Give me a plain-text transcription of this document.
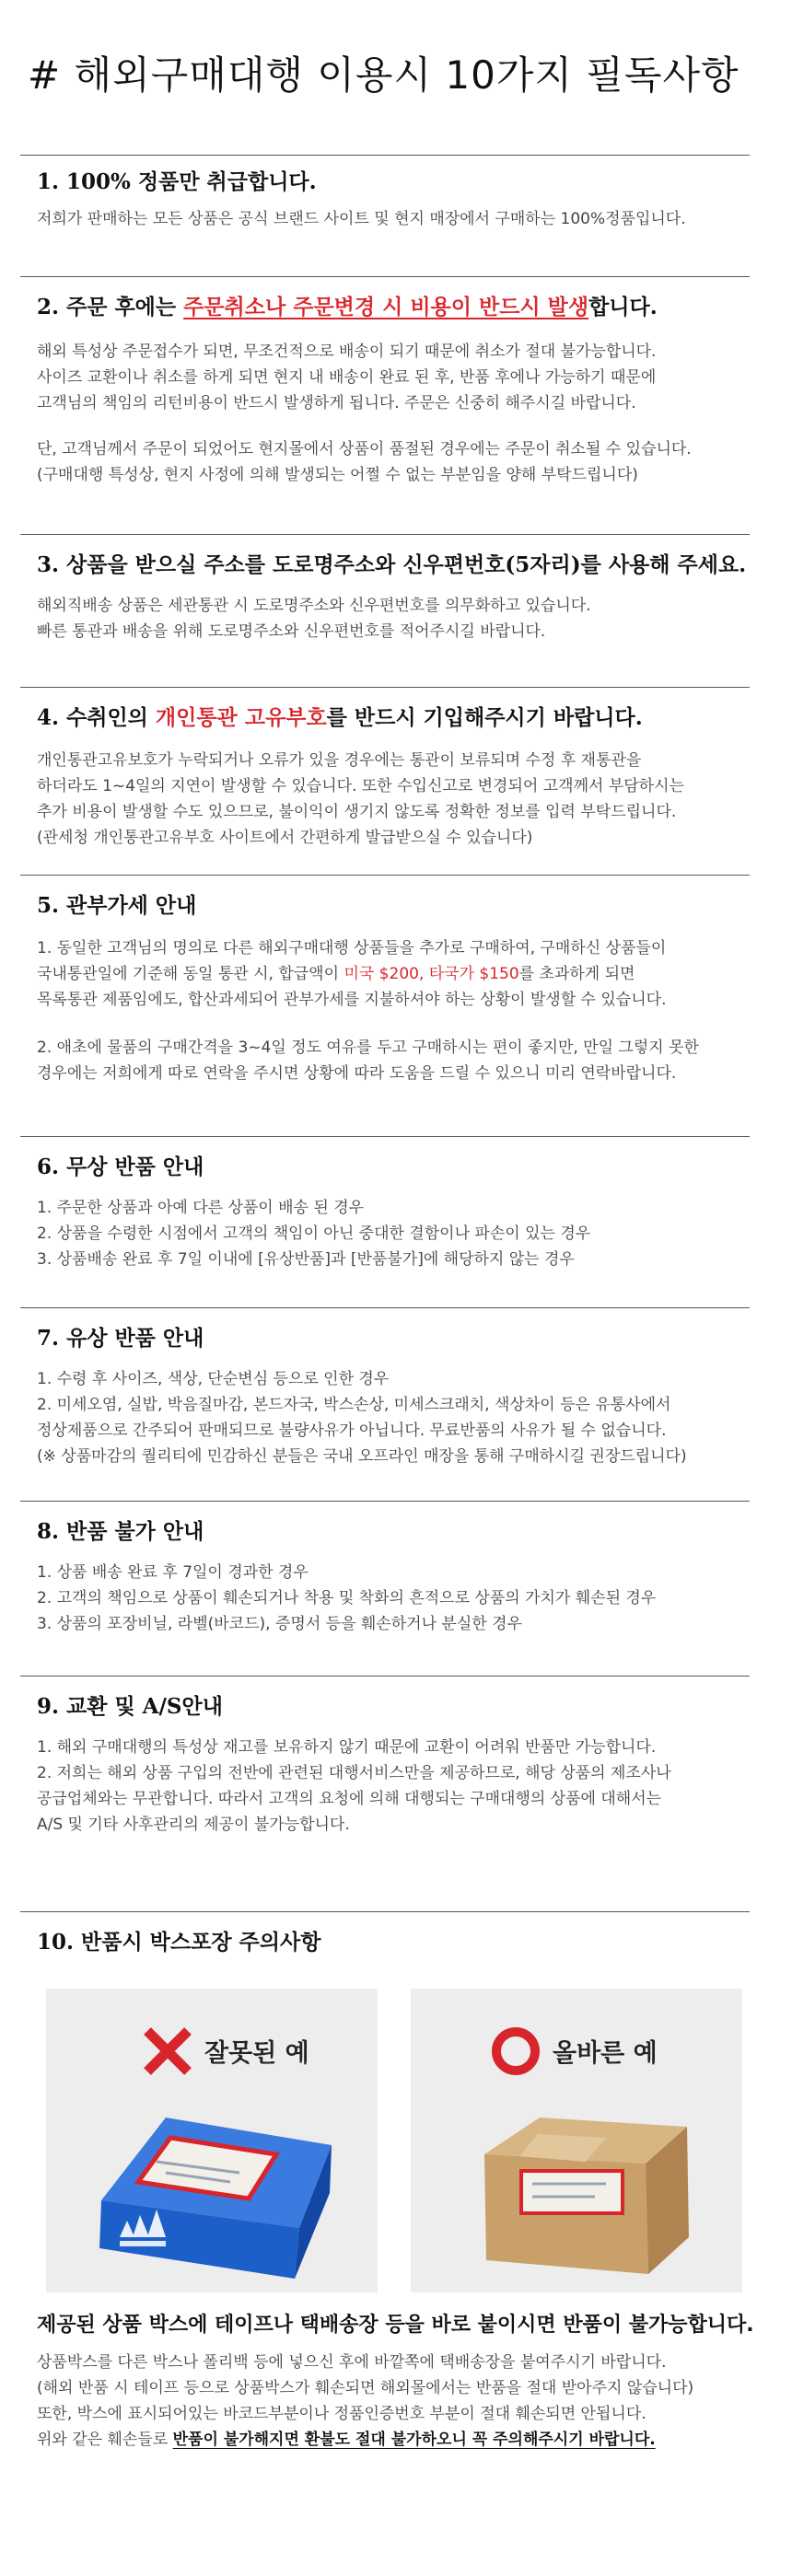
# 해외구매대행 이용시 10가지 필독사항
1. 100% 정품만 취급합니다.

저희가 판매하는 모든 상품은 공식 브랜드 사이트 및 현지 매장에서 구매하는 100%정품입니다.

2. 주문 후에는 주문취소나 주문변경 시 비용이 반드시 발생합니다.

해외 특성상 주문접수가 되면, 무조건적으로 배송이 되기 때문에 취소가 절대 불가능합니다.

사이즈 교환이나 취소를 하게 되면 현지 내 배송이 완료 된 후, 반품 후에나 가능하기 때문에

고객님의 책임의 리턴비용이 반드시 발생하게 됩니다. 주문은 신중히 해주시길 바랍니다.

단, 고객님께서 주문이 되었어도 현지몰에서 상품이 품절된 경우에는 주문이 취소될 수 있습니다.

(구매대행 특성상, 현지 사정에 의해 발생되는 어쩔 수 없는 부분임을 양해 부탁드립니다)

3. 상품을 받으실 주소를 도로명주소와 신우편번호(5자리)를 사용해 주세요.

해외직배송 상품은 세관통관 시 도로명주소와 신우편번호를 의무화하고 있습니다.

빠른 통관과 배송을 위해 도로명주소와 신우편번호를 적어주시길 바랍니다.

4. 수취인의 개인통관 고유부호를 반드시 기입해주시기 바랍니다.

개인통관고유보호가 누락되거나 오류가 있을 경우에는 통관이 보류되며 수정 후 재통관을

하더라도 1~4일의 지연이 발생할 수 있습니다. 또한 수입신고로 변경되어 고객께서 부담하시는

추가 비용이 발생할 수도 있으므로, 불이익이 생기지 않도록 정확한 정보를 입력 부탁드립니다.

(관세청 개인통관고유부호 사이트에서 간편하게 발급받으실 수 있습니다)

5. 관부가세 안내

1. 동일한 고객님의 명의로 다른 해외구매대행 상품들을 추가로 구매하여, 구매하신 상품들이

국내통관일에 기준해 동일 통관 시, 합급액이 미국 $200, 타국가 $150를 초과하게 되면

목록통관 제품임에도, 합산과세되어 관부가세를 지불하셔야 하는 상황이 발생할 수 있습니다.

2. 애초에 물품의 구매간격을 3~4일 정도 여유를 두고 구매하시는 편이 좋지만, 만일 그렇지 못한

경우에는 저희에게 따로 연락을 주시면 상황에 따라 도움을 드릴 수 있으니 미리 연락바랍니다.

6. 무상 반품 안내

1. 주문한 상품과 아예 다른 상품이 배송 된 경우

2. 상품을 수령한 시점에서 고객의 책임이 아닌 중대한 결함이나 파손이 있는 경우

3. 상품배송 완료 후 7일 이내에 [유상반품]과 [반품불가]에 해당하지 않는 경우

7. 유상 반품 안내

1. 수령 후 사이즈, 색상, 단순변심 등으로 인한 경우

2. 미세오염, 실밥, 박음질마감, 본드자국, 박스손상, 미세스크래치, 색상차이 등은 유통사에서

정상제품으로 간주되어 판매되므로 불량사유가 아닙니다. 무료반품의 사유가 될 수 없습니다.

(※ 상품마감의 퀄리티에 민감하신 분들은 국내 오프라인 매장을 통해 구매하시길 권장드립니다)

8. 반품 불가 안내

1. 상품 배송 완료 후 7일이 경과한 경우

2. 고객의 책임으로 상품이 훼손되거나 착용 및 착화의 흔적으로 상품의 가치가 훼손된 경우

3. 상품의 포장비닐, 라벨(바코드), 증명서 등을 훼손하거나 분실한 경우

9. 교환 및 A/S안내

1. 해외 구매대행의 특성상 재고를 보유하지 않기 때문에 교환이 어려워 반품만 가능합니다.

2. 저희는 해외 상품 구입의 전반에 관련된 대행서비스만을 제공하므로, 해당 상품의 제조사나

공급업체와는 무관합니다. 따라서 고객의 요청에 의해 대행되는 구매대행의 상품에 대해서는

A/S 및 기타 사후관리의 제공이 불가능합니다.

10. 반품시 박스포장 주의사항
잘못된 예	올바른 예
제공된 상품 박스에 테이프나 택배송장 등을 바로 붙이시면 반품이 불가능합니다.

상품박스를 다른 박스나 폴리백 등에 넣으신 후에 바깥쪽에 택배송장을 붙여주시기 바랍니다.

(해외 반품 시 테이프 등으로 상품박스가 훼손되면 해외몰에서는 반품을 절대 받아주지 않습니다)

또한, 박스에 표시되어있는 바코드부분이나 정품인증번호 부분이 절대 훼손되면 안됩니다.

위와 같은 훼손들로 반품이 불가해지면 환불도 절대 불가하오니 꼭 주의해주시기 바랍니다.
